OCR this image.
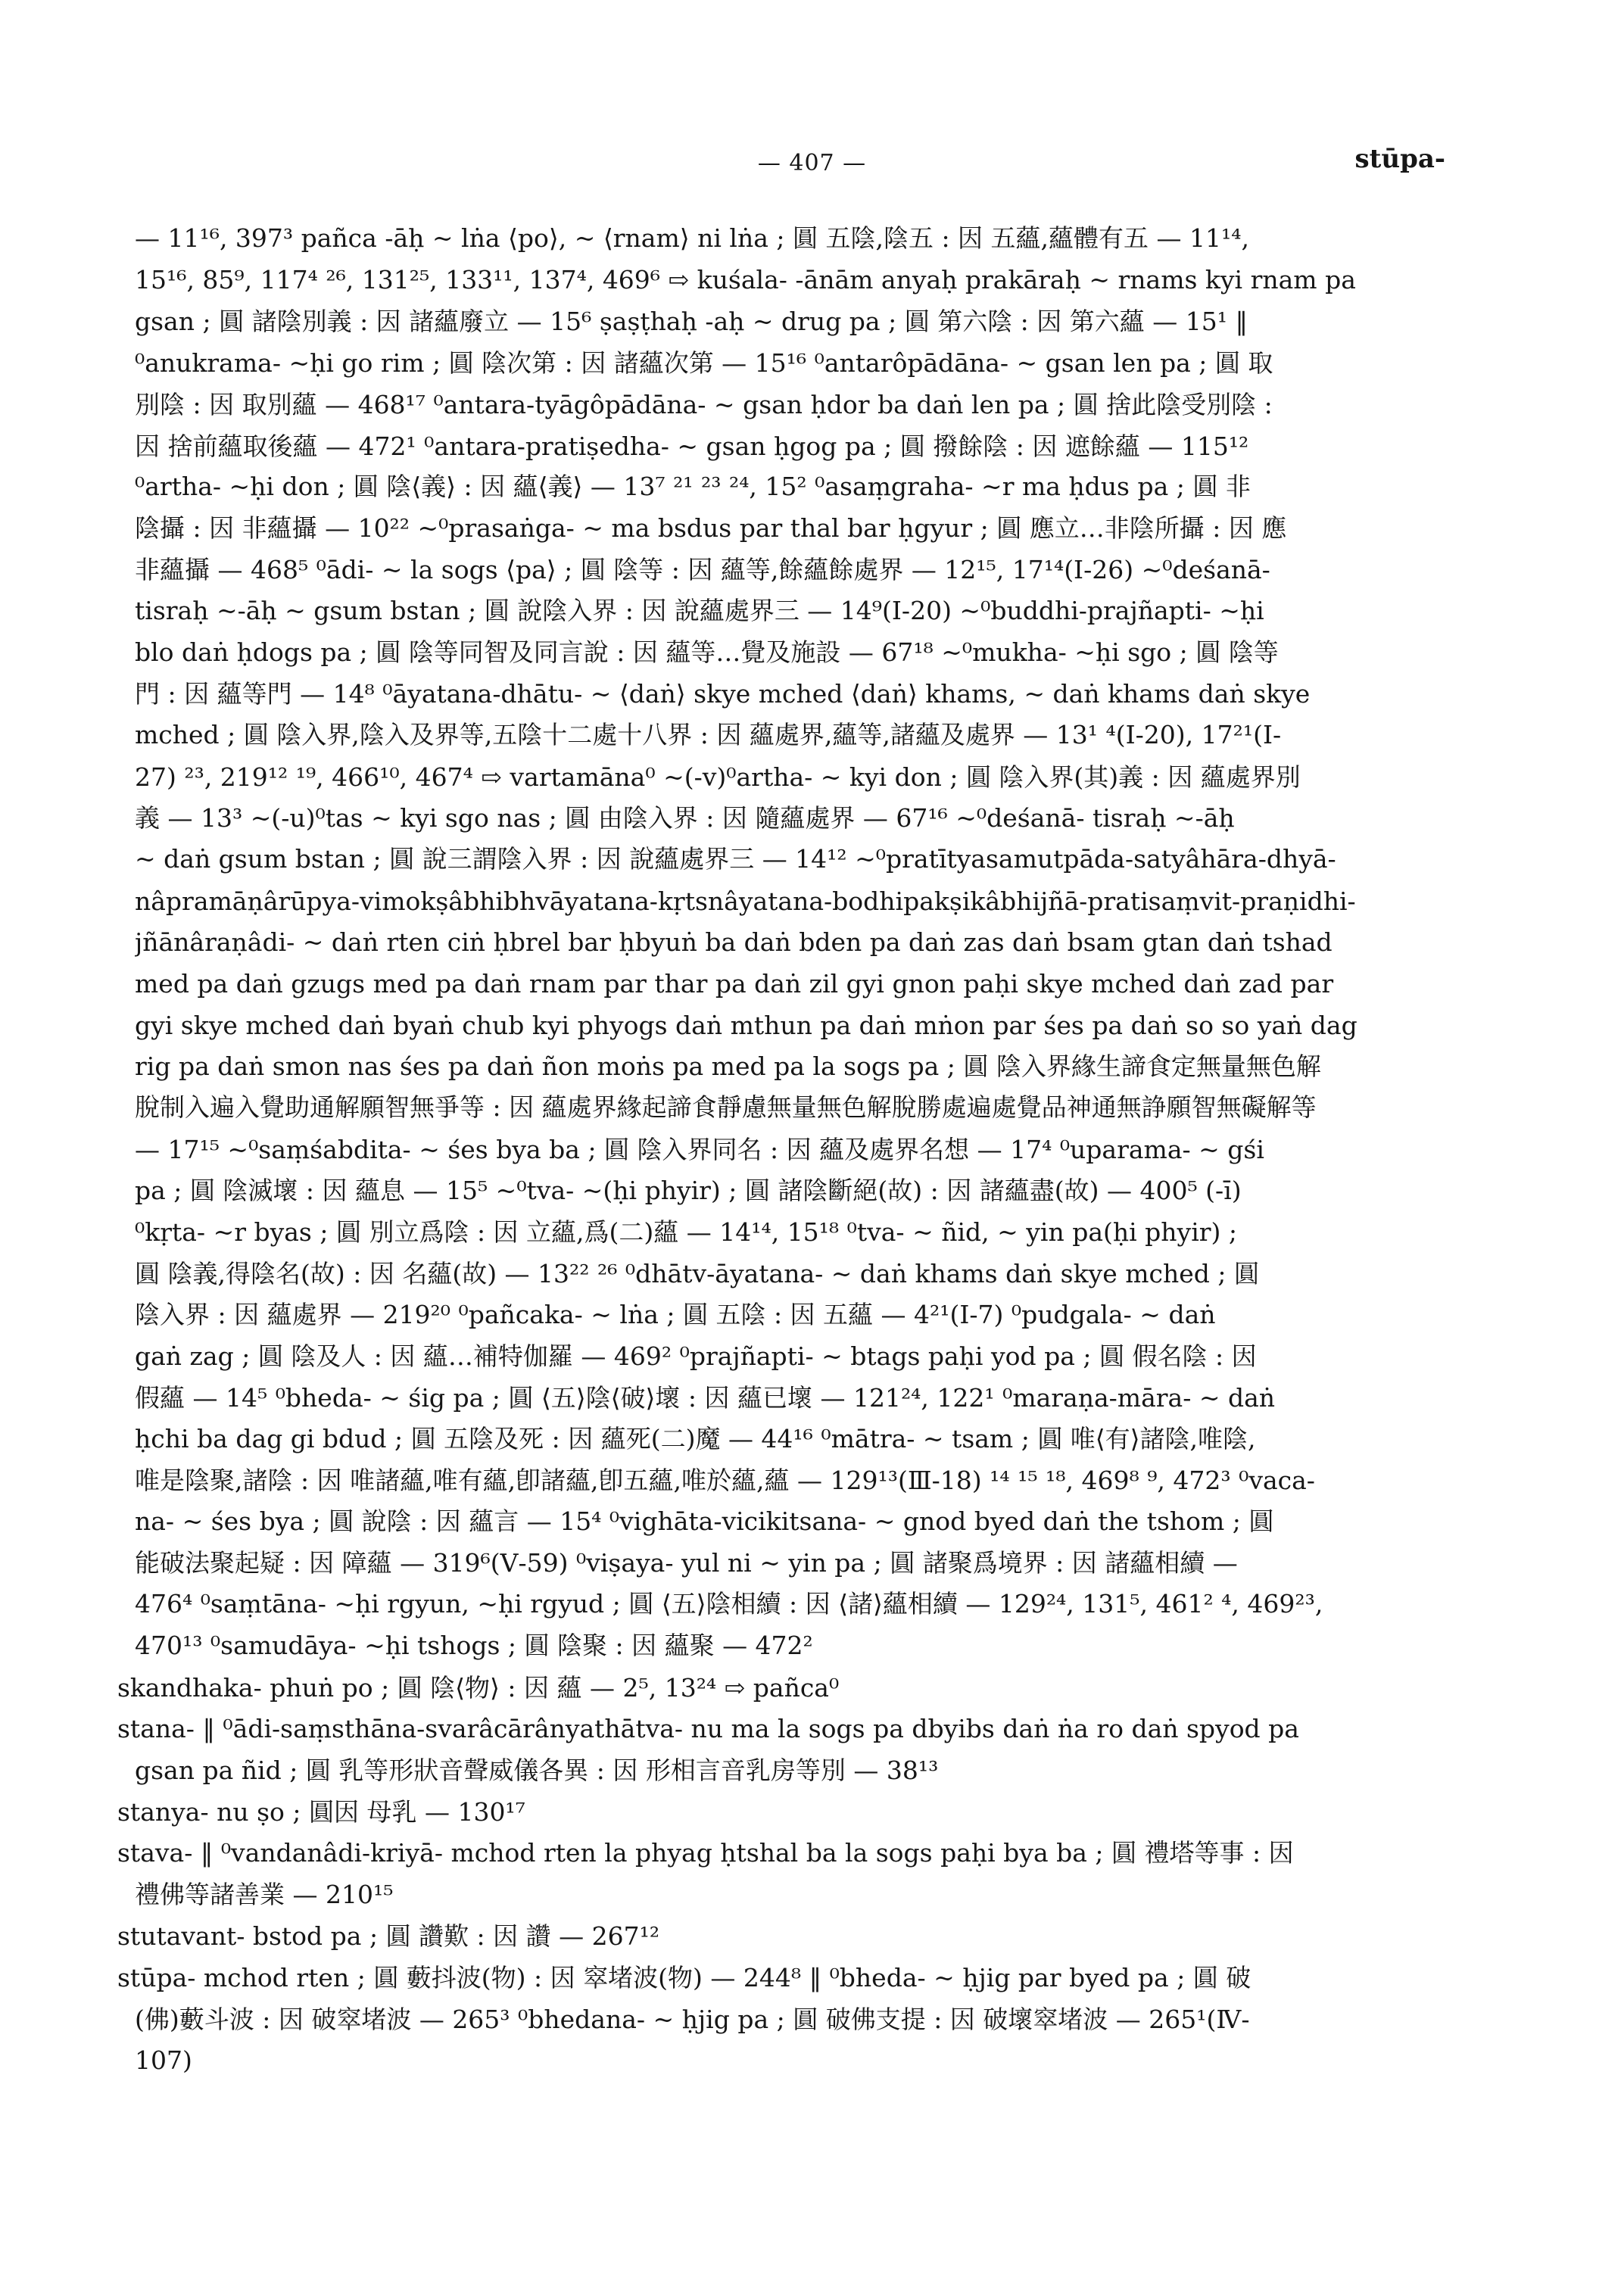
— 407 —	stūpa-
— 11¹⁶, 397³ pañca -āḥ ~ lṅa ⟨po⟩, ~ ⟨rnam⟩ ni lṅa ; 圓 五陰,陰五 : 因 五蘊,蘊體有五 — 11¹⁴,
15¹⁶, 85⁹, 117⁴ ²⁶, 131²⁵, 133¹¹, 137⁴, 469⁶ ⇨ kuśala- -ānām anyaḥ prakāraḥ ~ rnams kyi rnam pa
gsan ; 圓 諸陰別義 : 因 諸蘊廢立 — 15⁶ ṣaṣṭhaḥ -aḥ ~ drug pa ; 圓 第六陰 : 因 第六蘊 — 15¹ ‖
⁰anukrama- ~ḥi go rim ; 圓 陰次第 : 因 諸蘊次第 — 15¹⁶ ⁰antarôpādāna- ~ gsan len pa ; 圓 取
別陰 : 因 取別蘊 — 468¹⁷ ⁰antara-tyāgôpādāna- ~ gsan ḥdor ba daṅ len pa ; 圓 捨此陰受別陰 :
因 捨前蘊取後蘊 — 472¹ ⁰antara-pratiṣedha- ~ gsan ḥgog pa ; 圓 撥餘陰 : 因 遮餘蘊 — 115¹²
⁰artha- ~ḥi don ; 圓 陰⟨義⟩ : 因 蘊⟨義⟩ — 13⁷ ²¹ ²³ ²⁴, 15² ⁰asaṃgraha- ~r ma ḥdus pa ; 圓 非
陰攝 : 因 非蘊攝 — 10²² ~⁰prasaṅga- ~ ma bsdus par thal bar ḥgyur ; 圓 應立…非陰所攝 : 因 應
非蘊攝 — 468⁵ ⁰ādi- ~ la sogs ⟨pa⟩ ; 圓 陰等 : 因 蘊等,餘蘊餘處界 — 12¹⁵, 17¹⁴(Ⅰ-26) ~⁰deśanā-
tisraḥ ~-āḥ ~ gsum bstan ; 圓 說陰入界 : 因 說蘊處界三 — 14⁹(Ⅰ-20) ~⁰buddhi-prajñapti- ~ḥi
blo daṅ ḥdogs pa ; 圓 陰等同智及同言說 : 因 蘊等…覺及施設 — 67¹⁸ ~⁰mukha- ~ḥi sgo ; 圓 陰等
門 : 因 蘊等門 — 14⁸ ⁰āyatana-dhātu- ~ ⟨daṅ⟩ skye mched ⟨daṅ⟩ khams, ~ daṅ khams daṅ skye
mched ; 圓 陰入界,陰入及界等,五陰十二處十八界 : 因 蘊處界,蘊等,諸蘊及處界 — 13¹ ⁴(Ⅰ-20), 17²¹(Ⅰ-
27) ²³, 219¹² ¹⁹, 466¹⁰, 467⁴ ⇨ vartamāna⁰ ~(-v)⁰artha- ~ kyi don ; 圓 陰入界(其)義 : 因 蘊處界別
義 — 13³ ~(-u)⁰tas ~ kyi sgo nas ; 圓 由陰入界 : 因 隨蘊處界 — 67¹⁶ ~⁰deśanā- tisraḥ ~-āḥ
~ daṅ gsum bstan ; 圓 說三謂陰入界 : 因 說蘊處界三 — 14¹² ~⁰pratītyasamutpāda-satyâhāra-dhyā-
nâpramāṇârūpya-vimokṣâbhibhvāyatana-kṛtsnâyatana-bodhipakṣikâbhijñā-pratisaṃvit-praṇidhi-
jñānâraṇâdi- ~ daṅ rten ciṅ ḥbrel bar ḥbyuṅ ba daṅ bden pa daṅ zas daṅ bsam gtan daṅ tshad
med pa daṅ gzugs med pa daṅ rnam par thar pa daṅ zil gyi gnon paḥi skye mched daṅ zad par
gyi skye mched daṅ byaṅ chub kyi phyogs daṅ mthun pa daṅ mṅon par śes pa daṅ so so yaṅ dag
rig pa daṅ smon nas śes pa daṅ ñon moṅs pa med pa la sogs pa ; 圓 陰入界緣生諦食定無量無色解
脫制入遍入覺助通解願智無爭等 : 因 蘊處界緣起諦食靜慮無量無色解脫勝處遍處覺品神通無諍願智無礙解等
— 17¹⁵ ~⁰saṃśabdita- ~ śes bya ba ; 圓 陰入界同名 : 因 蘊及處界名想 — 17⁴ ⁰uparama- ~ gśi
pa ; 圓 陰滅壞 : 因 蘊息 — 15⁵ ~⁰tva- ~(ḥi phyir) ; 圓 諸陰斷絕(故) : 因 諸蘊盡(故) — 400⁵ (-ī)
⁰kṛta- ~r byas ; 圓 別立爲陰 : 因 立蘊,爲(二)蘊 — 14¹⁴, 15¹⁸ ⁰tva- ~ ñid, ~ yin pa(ḥi phyir) ;
圓 陰義,得陰名(故) : 因 名蘊(故) — 13²² ²⁶ ⁰dhātv-āyatana- ~ daṅ khams daṅ skye mched ; 圓
陰入界 : 因 蘊處界 — 219²⁰ ⁰pañcaka- ~ lṅa ; 圓 五陰 : 因 五蘊 — 4²¹(Ⅰ-7) ⁰pudgala- ~ daṅ
gaṅ zag ; 圓 陰及人 : 因 蘊…補特伽羅 — 469² ⁰prajñapti- ~ btags paḥi yod pa ; 圓 假名陰 : 因
假蘊 — 14⁵ ⁰bheda- ~ śig pa ; 圓 ⟨五⟩陰⟨破⟩壞 : 因 蘊已壞 — 121²⁴, 122¹ ⁰maraṇa-māra- ~ daṅ
ḥchi ba dag gi bdud ; 圓 五陰及死 : 因 蘊死(二)魔 — 44¹⁶ ⁰mātra- ~ tsam ; 圓 唯⟨有⟩諸陰,唯陰,
唯是陰聚,諸陰 : 因 唯諸蘊,唯有蘊,卽諸蘊,卽五蘊,唯於蘊,蘊 — 129¹³(Ⅲ-18) ¹⁴ ¹⁵ ¹⁸, 469⁸ ⁹, 472³ ⁰vaca-
na- ~ śes bya ; 圓 說陰 : 因 蘊言 — 15⁴ ⁰vighāta-vicikitsana- ~ gnod byed daṅ the tshom ; 圓
能破法聚起疑 : 因 障蘊 — 319⁶(Ⅴ-59) ⁰viṣaya- yul ni ~ yin pa ; 圓 諸聚爲境界 : 因 諸蘊相續 —
476⁴ ⁰saṃtāna- ~ḥi rgyun, ~ḥi rgyud ; 圓 ⟨五⟩陰相續 : 因 ⟨諸⟩蘊相續 — 129²⁴, 131⁵, 461² ⁴, 469²³,
470¹³ ⁰samudāya- ~ḥi tshogs ; 圓 陰聚 : 因 蘊聚 — 472²
skandhaka- phuṅ po ; 圓 陰⟨物⟩ : 因 蘊 — 2⁵, 13²⁴ ⇨ pañca⁰
stana- ‖ ⁰ādi-saṃsthāna-svarâcārânyathātva- nu ma la sogs pa dbyibs daṅ ṅa ro daṅ spyod pa
gsan pa ñid ; 圓 乳等形狀音聲威儀各異 : 因 形相言音乳房等別 — 38¹³
stanya- nu ṣo ; 圓因 母乳 — 130¹⁷
stava- ‖ ⁰vandanâdi-kriyā- mchod rten la phyag ḥtshal ba la sogs paḥi bya ba ; 圓 禮塔等事 : 因
禮佛等諸善業 — 210¹⁵
stutavant- bstod pa ; 圓 讚歎 : 因 讚 — 267¹²
stūpa- mchod rten ; 圓 藪抖波(物) : 因 窣堵波(物) — 244⁸ ‖ ⁰bheda- ~ ḥjig par byed pa ; 圓 破
(佛)藪斗波 : 因 破窣堵波 — 265³ ⁰bhedana- ~ ḥjig pa ; 圓 破佛支提 : 因 破壞窣堵波 — 265¹(Ⅳ-
107)
